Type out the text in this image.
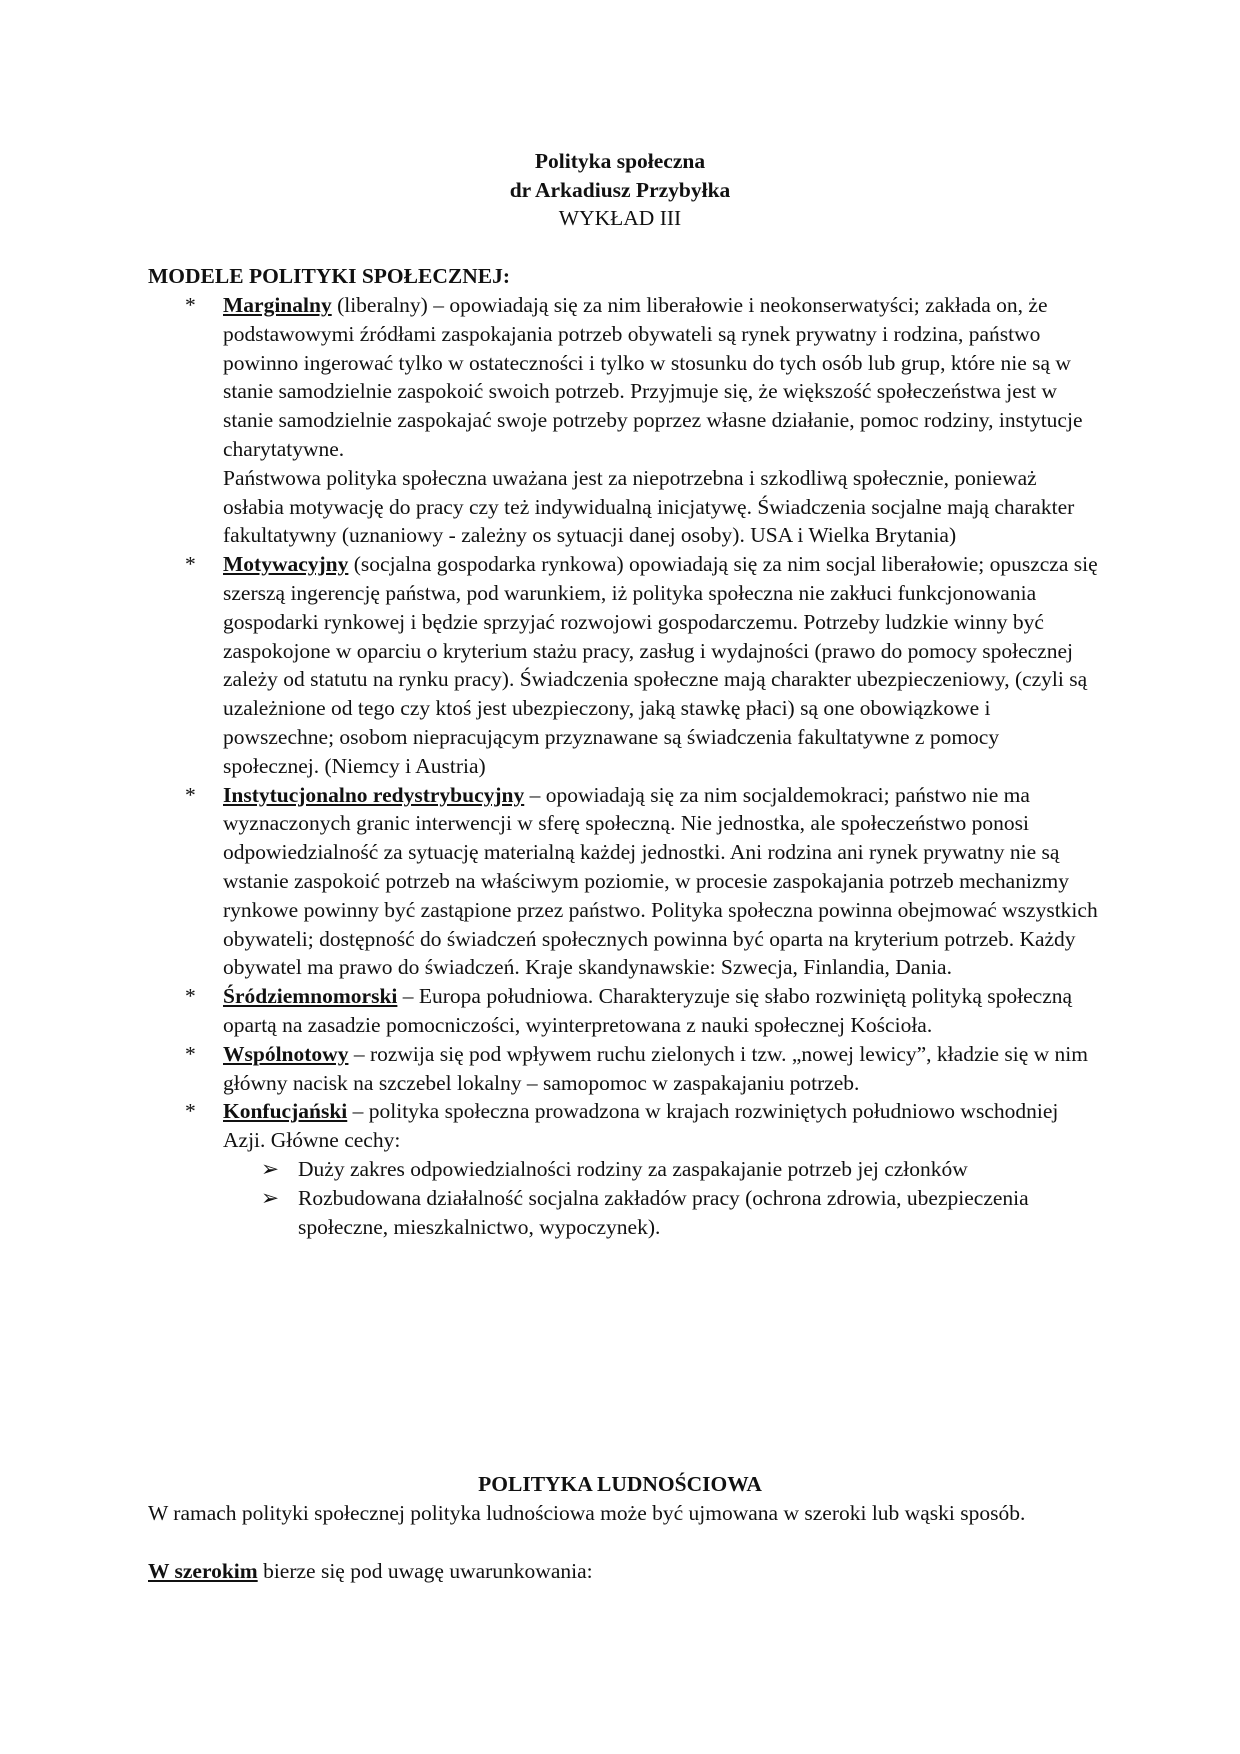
Polityka społeczna
dr Arkadiusz Przybyłka
WYKŁAD III
MODELE POLITYKI SPOŁECZNEJ:
* Marginalny (liberalny) – opowiadają się za nim liberałowie i neokonserwatyści; zakłada on, że podstawowymi źródłami zaspokajania potrzeb obywateli są rynek prywatny i rodzina, państwo powinno ingerować tylko w ostateczności i tylko w stosunku do tych osób lub grup, które nie są w stanie samodzielnie zaspokoić swoich potrzeb. Przyjmuje się, że większość społeczeństwa jest w stanie samodzielnie zaspokajać swoje potrzeby poprzez własne działanie, pomoc rodziny, instytucje charytatywne.

Państwowa polityka społeczna uważana jest za niepotrzebna i szkodliwą społecznie, ponieważ osłabia motywację do pracy czy też indywidualną inicjatywę. Świadczenia socjalne mają charakter fakultatywny (uznaniowy - zależny os sytuacji danej osoby). USA i Wielka Brytania)

* Motywacyjny (socjalna gospodarka rynkowa) opowiadają się za nim socjal liberałowie; opuszcza się szerszą ingerencję państwa, pod warunkiem, iż polityka społeczna nie zakłuci funkcjonowania gospodarki rynkowej i będzie sprzyjać rozwojowi gospodarczemu. Potrzeby ludzkie winny być zaspokojone w oparciu o kryterium stażu pracy, zasług i wydajności (prawo do pomocy społecznej zależy od statutu na rynku pracy). Świadczenia społeczne mają charakter ubezpieczeniowy, (czyli są uzależnione od tego czy ktoś jest ubezpieczony, jaką stawkę płaci) są one obowiązkowe i powszechne; osobom niepracującym przyznawane są świadczenia fakultatywne z pomocy społecznej. (Niemcy i Austria)

* Instytucjonalno redystrybucyjny – opowiadają się za nim socjaldemokraci; państwo nie ma wyznaczonych granic interwencji w sferę społeczną. Nie jednostka, ale społeczeństwo ponosi odpowiedzialność za sytuację materialną każdej jednostki. Ani rodzina ani rynek prywatny nie są wstanie zaspokoić potrzeb na właściwym poziomie, w procesie zaspokajania potrzeb mechanizmy rynkowe powinny być zastąpione przez państwo. Polityka społeczna powinna obejmować wszystkich obywateli; dostępność do świadczeń społecznych powinna być oparta na kryterium potrzeb. Każdy obywatel ma prawo do świadczeń. Kraje skandynawskie: Szwecja, Finlandia, Dania.

* Śródziemnomorski – Europa południowa. Charakteryzuje się słabo rozwiniętą polityką społeczną opartą na zasadzie pomocniczości, wyinterpretowana z nauki społecznej Kościoła.

* Wspólnotowy – rozwija się pod wpływem ruchu zielonych i tzw. „nowej lewicy”, kładzie się w nim główny nacisk na szczebel lokalny – samopomoc w zaspakajaniu potrzeb.

* Konfucjański – polityka społeczna prowadzona w krajach rozwiniętych południowo wschodniej Azji. Główne cechy:

➢ Duży zakres odpowiedzialności rodziny za zaspakajanie potrzeb jej członków
➢ Rozbudowana działalność socjalna zakładów pracy (ochrona zdrowia, ubezpieczenia społeczne, mieszkalnictwo, wypoczynek).
POLITYKA LUDNOŚCIOWA

W ramach polityki społecznej polityka ludnościowa może być ujmowana w szeroki lub wąski sposób.

W szerokim bierze się pod uwagę uwarunkowania:
